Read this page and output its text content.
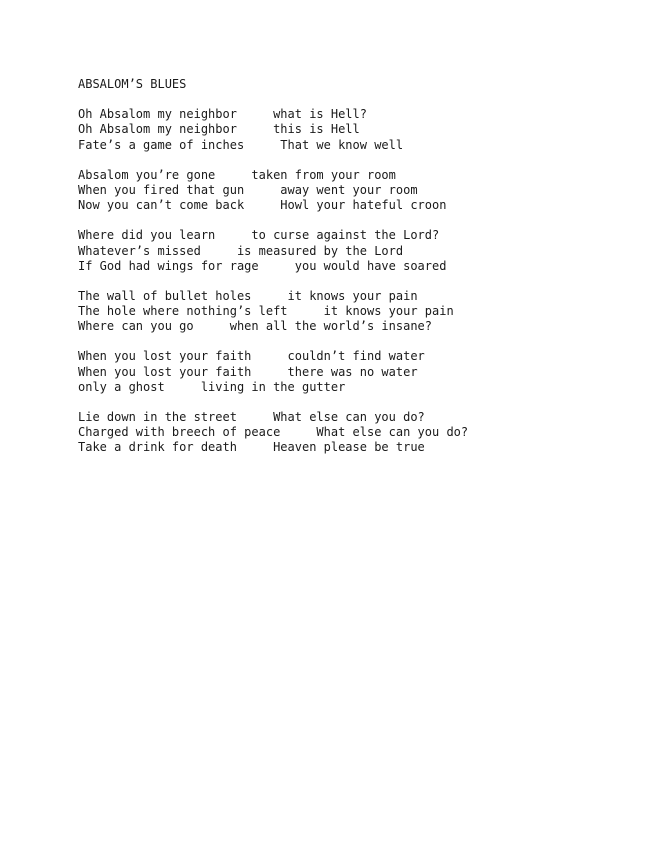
ABSALOM’S BLUES
Oh Absalom my neighbor     what is Hell?
Oh Absalom my neighbor     this is Hell
Fate’s a game of inches     That we know well
Absalom you’re gone     taken from your room
When you fired that gun     away went your room
Now you can’t come back     Howl your hateful croon
Where did you learn     to curse against the Lord?
Whatever’s missed     is measured by the Lord
If God had wings for rage     you would have soared
The wall of bullet holes     it knows your pain
The hole where nothing’s left     it knows your pain
Where can you go     when all the world’s insane?
When you lost your faith     couldn’t find water
When you lost your faith     there was no water
only a ghost     living in the gutter
Lie down in the street     What else can you do?
Charged with breech of peace     What else can you do?
Take a drink for death     Heaven please be true
